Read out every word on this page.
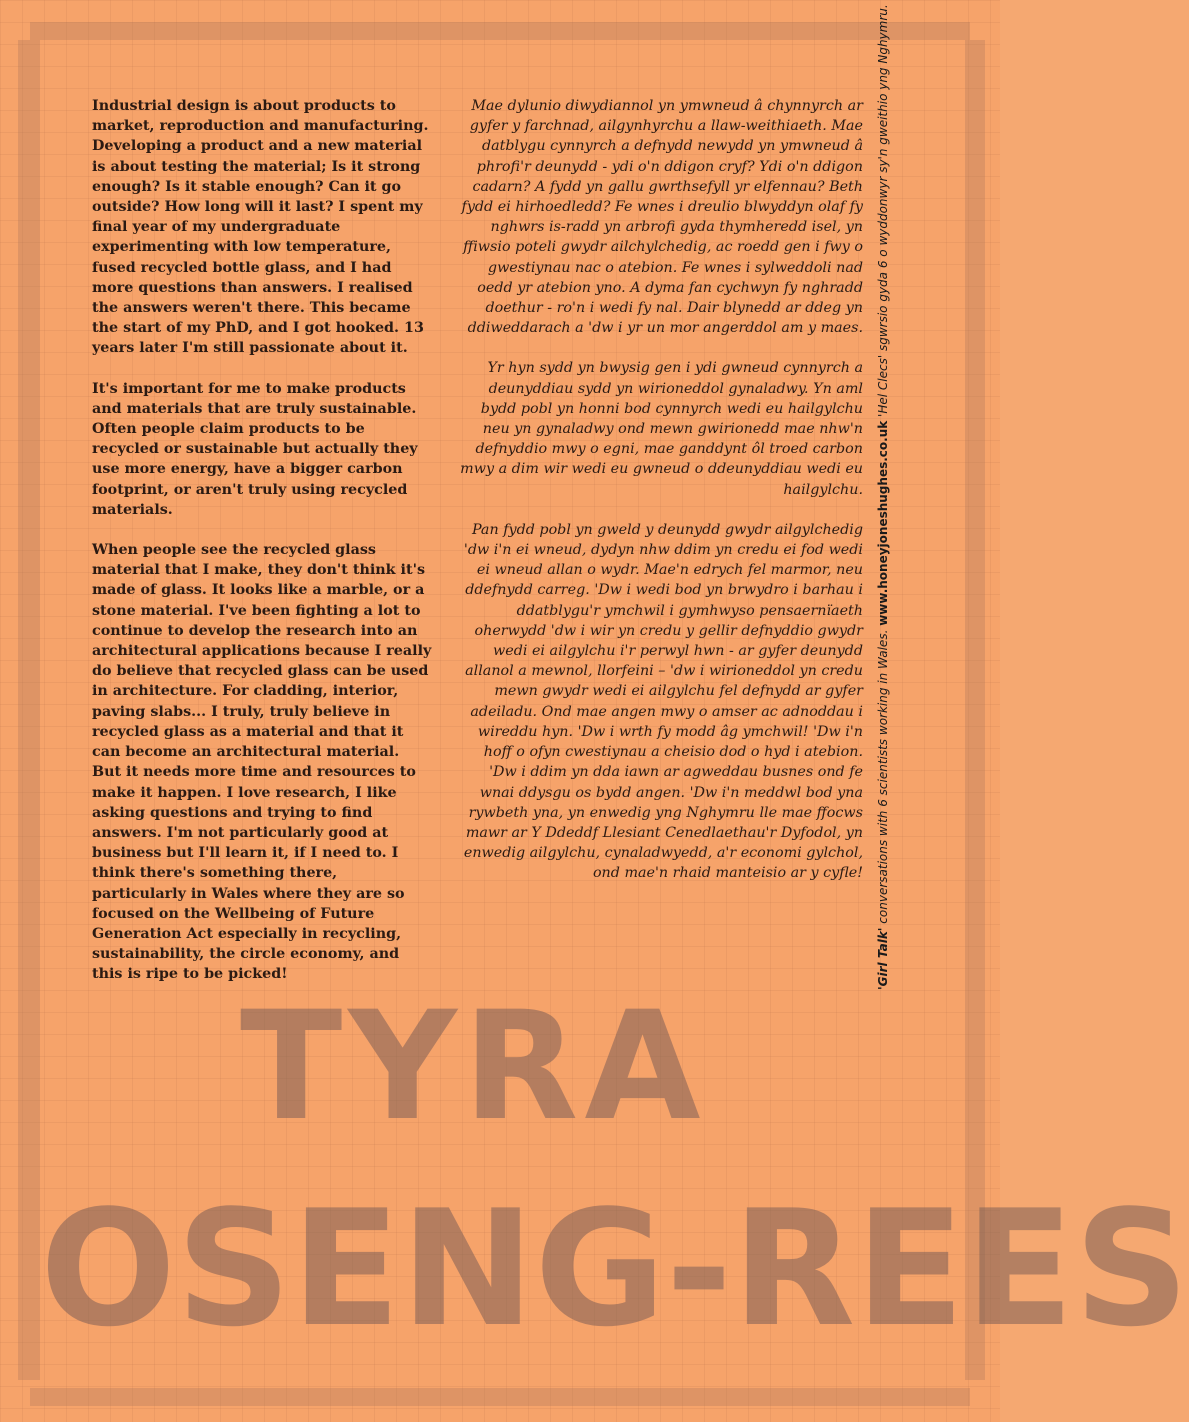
TYRA
OSENG-REES

Industrial design is about products to market, reproduction and manufacturing. Developing a product and a new material is about testing the material; Is it strong enough? Is it stable enough? Can it go outside? How long will it last? I spent my final year of my undergraduate experimenting with low temperature, fused recycled bottle glass, and I had more questions than answers. I realised the answers weren't there. This became the start of my PhD, and I got hooked. 13 years later I'm still passionate about it.

It's important for me to make products and materials that are truly sustainable. Often people claim products to be recycled or sustainable but actually they use more energy, have a bigger carbon footprint, or aren't truly using recycled materials.

When people see the recycled glass material that I make, they don't think it's made of glass. It looks like a marble, or a stone material. I've been fighting a lot to continue to develop the research into an architectural applications because I really do believe that recycled glass can be used in architecture. For cladding, interior, paving slabs... I truly, truly believe in recycled glass as a material and that it can become an architectural material. But it needs more time and resources to make it happen. I love research, I like asking questions and trying to find answers. I'm not particularly good at business but I'll learn it, if I need to. I think there's something there, particularly in Wales where they are so focused on the Wellbeing of Future Generation Act especially in recycling, sustainability, the circle economy, and this is ripe to be picked!

Mae dylunio diwydiannol yn ymwneud â chynnyrch ar gyfer y farchnad, ailgynhyrchu a llaw-weithiaeth. Mae datblygu cynnyrch a defnydd newydd yn ymwneud â phrofi'r deunydd - ydi o'n ddigon cryf? Ydi o'n ddigon cadarn? A fydd yn gallu gwrthsefyll yr elfennau? Beth fydd ei hirhoedledd? Fe wnes i dreulio blwyddyn olaf fy nghwrs is-radd yn arbrofi gyda thymheredd isel, yn ffiwsio poteli gwydr ailchylchedig, ac roedd gen i fwy o gwestiynau nac o atebion. Fe wnes i sylweddoli nad oedd yr atebion yno. A dyma fan cychwyn fy nghradd doethur - ro'n i wedi fy nal. Dair blynedd ar ddeg yn ddiweddarach a 'dw i yr un mor angerddol am y maes.

Yr hyn sydd yn bwysig gen i ydi gwneud cynnyrch a deunyddiau sydd yn wirioneddol gynaladwy. Yn aml bydd pobl yn honni bod cynnyrch wedi eu hailgylchu neu yn gynaladwy ond mewn gwirionedd mae nhw'n defnyddio mwy o egni, mae ganddynt ôl troed carbon mwy a dim wir wedi eu gwneud o ddeunyddiau wedi eu hailgylchu.

Pan fydd pobl yn gweld y deunydd gwydr ailgylchedig 'dw i'n ei wneud, dydyn nhw ddim yn credu ei fod wedi ei wneud allan o wydr. Mae'n edrych fel marmor, neu ddefnydd carreg. 'Dw i wedi bod yn brwydro i barhau i ddatblygu'r ymchwil i gymhwyso pensaernïaeth oherwydd 'dw i wir yn credu y gellir defnyddio gwydr wedi ei ailgylchu i'r perwyl hwn - ar gyfer deunydd allanol a mewnol, llorfeini – 'dw i wirioneddol yn credu mewn gwydr wedi ei ailgylchu fel defnydd ar gyfer adeiladu. Ond mae angen mwy o amser ac adnoddau i wireddu hyn. 'Dw i wrth fy modd âg ymchwil! 'Dw i'n hoff o ofyn cwestiynau a cheisio dod o hyd i atebion. 'Dw i ddim yn dda iawn ar agweddau busnes ond fe wnai ddysgu os bydd angen. 'Dw i'n meddwl bod yna rywbeth yna, yn enwedig yng Nghymru lle mae ffocws mawr ar Y Ddeddf Llesiant Cenedlaethau'r Dyfodol, yn enwedig ailgylchu, cynaladwyedd, a'r economi gylchol, ond mae'n rhaid manteisio ar y cyfle!

'Girl Talk' conversations with 6 scientists working in Wales. www.honeyjoneshughes.co.uk 'Hel Clecs' sgwrsio gyda 6 o wyddonwyr sy'n gweithio yng Nghymru.
